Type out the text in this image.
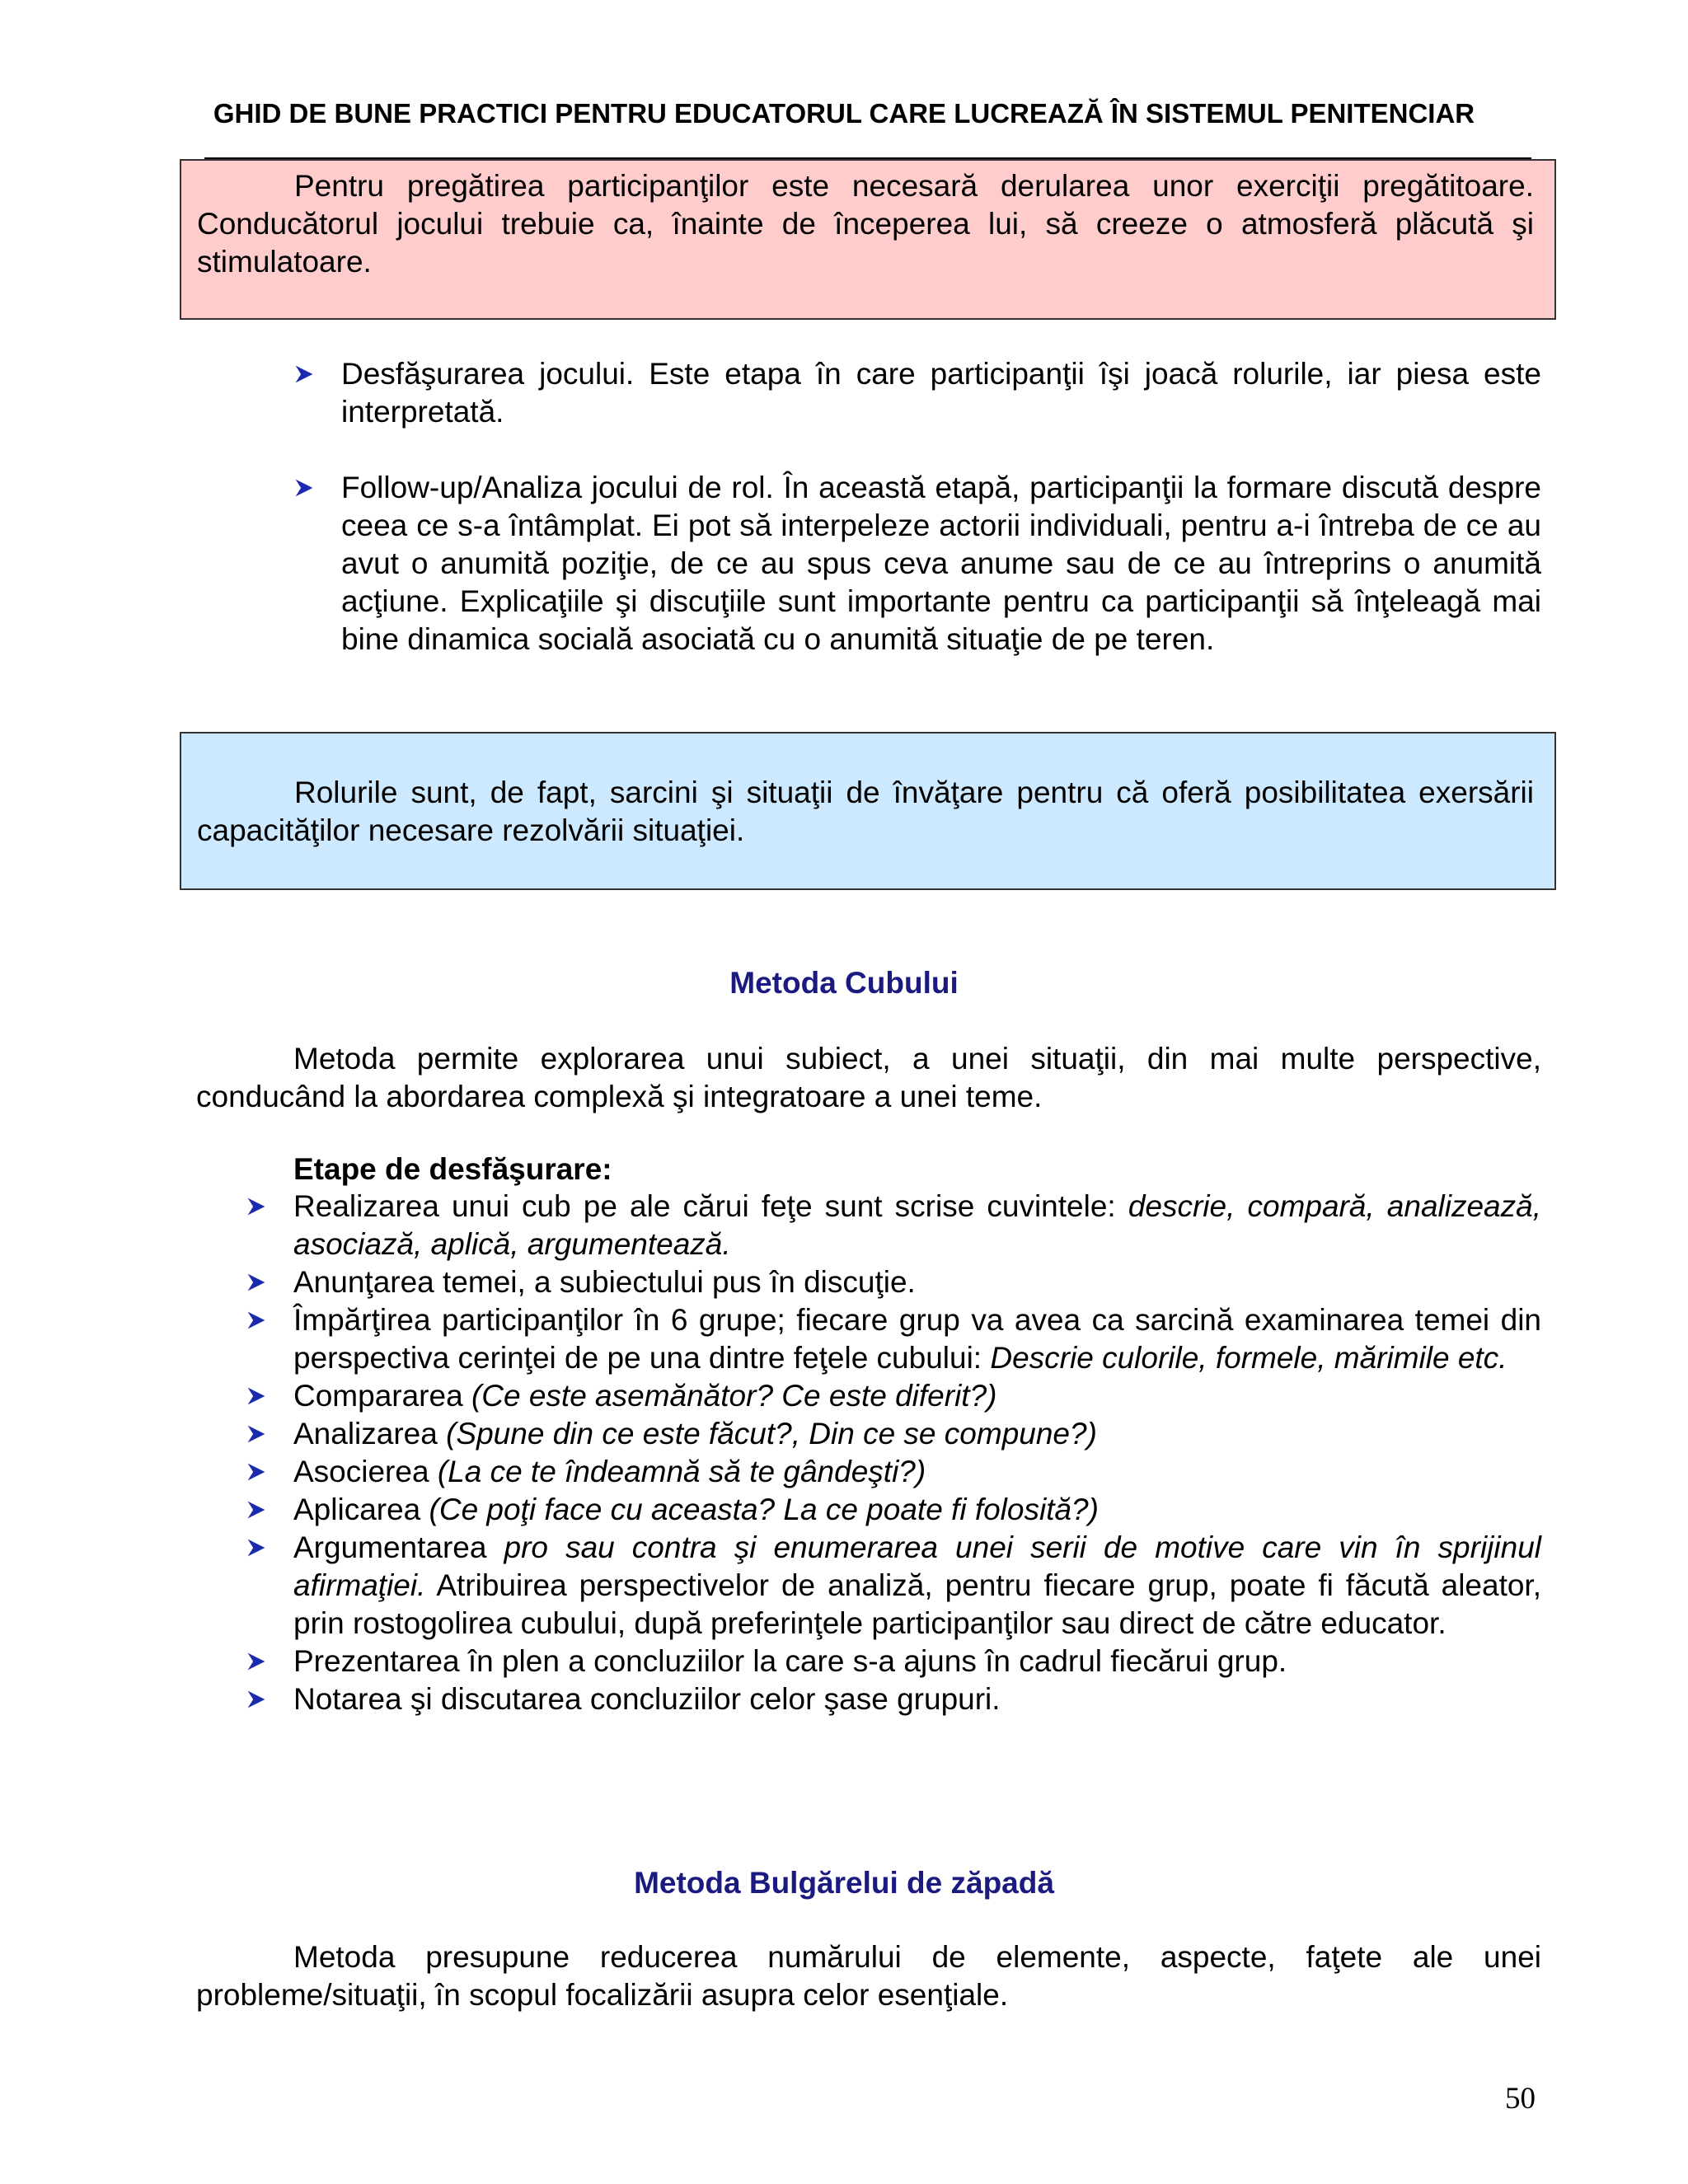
GHID DE BUNE PRACTICI PENTRU EDUCATORUL CARE LUCREAZĂ ÎN SISTEMUL PENITENCIAR

Pentru pregătirea participanţilor este necesară derularea unor exerciţii pregătitoare. Conducătorul jocului trebuie ca, înainte de începerea lui, să creeze o atmosferă plăcută şi stimulatoare.

Desfăşurarea jocului. Este etapa în care participanţii îşi joacă rolurile, iar piesa este interpretată.
Follow-up/Analiza jocului de rol. În această etapă, participanţii la formare discută despre ceea ce s-a întâmplat. Ei pot să interpeleze actorii individuali, pentru a-i întreba de ce au avut o anumită poziţie, de ce au spus ceva anume sau de ce au întreprins o anumită acţiune. Explicaţiile şi discuţiile sunt importante pentru ca participanţii să înţeleagă mai bine dinamica socială asociată cu o anumită situaţie de pe teren.

Rolurile sunt, de fapt, sarcini şi situaţii de învăţare pentru că oferă posibilitatea exersării capacităţilor necesare rezolvării situaţiei.

Metoda Cubului

Metoda permite explorarea unui subiect, a unei situaţii, din mai multe perspective, conducând la abordarea complexă şi integratoare a unei teme.

Etape de desfăşurare:
Realizarea unui cub pe ale cărui feţe sunt scrise cuvintele: descrie, compară, analizează, asociază, aplică, argumentează.
Anunţarea temei, a subiectului pus în discuţie.
Împărţirea participanţilor în 6 grupe; fiecare grup va avea ca sarcină examinarea temei din perspectiva cerinţei de pe una dintre feţele cubului: Descrie culorile, formele, mărimile etc.
Compararea (Ce este asemănător? Ce este diferit?)
Analizarea (Spune din ce este făcut?, Din ce se compune?)
Asocierea (La ce te îndeamnă să te gândeşti?)
Aplicarea (Ce poţi face cu aceasta? La ce poate fi folosită?)
Argumentarea pro sau contra şi enumerarea unei serii de motive care vin în sprijinul afirmaţiei. Atribuirea perspectivelor de analiză, pentru fiecare grup, poate fi făcută aleator, prin rostogolirea cubului, după preferinţele participanţilor sau direct de către educator.
Prezentarea în plen a concluziilor la care s-a ajuns în cadrul fiecărui grup.
Notarea şi discutarea concluziilor celor şase grupuri.
Metoda Bulgărelui de zăpadă

Metoda presupune reducerea numărului de elemente, aspecte, faţete ale unei probleme/situaţii, în scopul focalizării asupra celor esenţiale.

50
